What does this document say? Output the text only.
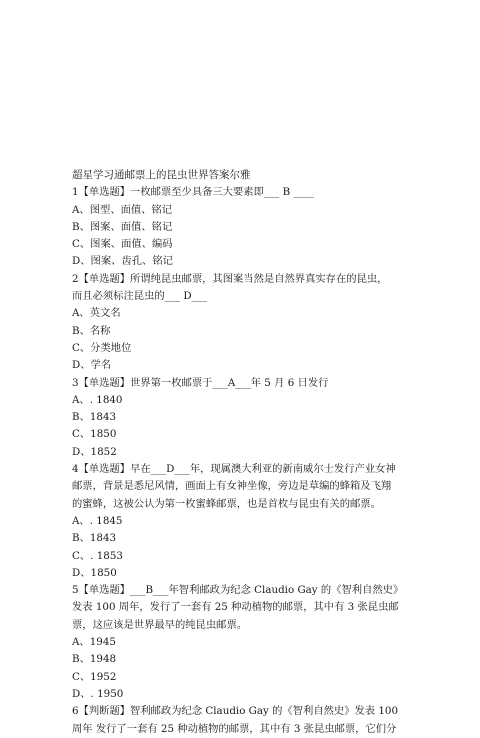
超星学习通邮票上的昆虫世界答案尔雅
1【单选题】一枚邮票至少具备三大要素即___ B ____
A、图型、面值、铭记
B、图案、面值、铭记
C、图案、面值、编码
D、图案、齿孔、铭记
2【单选题】所谓纯昆虫邮票，其图案当然是自然界真实存在的昆虫，
而且必须标注昆虫的___ D___
A、英文名
B、名称
C、分类地位
D、学名
3【单选题】世界第一枚邮票于___A___年 5 月 6 日发行
A、. 1840
B、1843
C、1850
D、1852
4【单选题】早在___D___年，现属澳大利亚的新南威尔士发行产业女神
邮票，背景是悉尼风情，画面上有女神坐像，旁边是草编的蜂箱及飞翔
的蜜蜂，这被公认为第一枚蜜蜂邮票，也是首枚与昆虫有关的邮票。
A、. 1845
B、1843
C、. 1853
D、1850
5【单选题】___B___年智利邮政为纪念 Claudio Gay 的《智利自然史》
发表 100 周年，发行了一套有 25 种动植物的邮票，其中有 3 张昆虫邮
票，这应该是世界最早的纯昆虫邮票。
A、1945
B、1948
C、1952
D、. 1950
6【判断题】智利邮政为纪念 Claudio Gay 的《智利自然史》发表 100
周年 发行了一套有 25 种动植物的邮票，其中有 3 张昆虫邮票，它们分
